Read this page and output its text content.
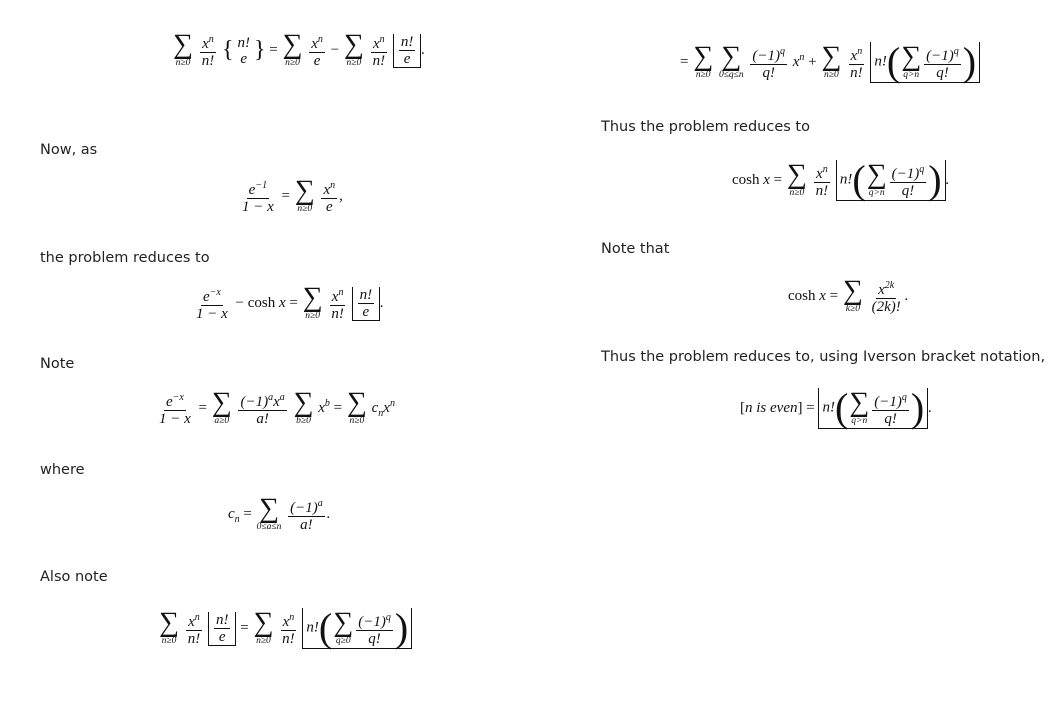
∑
n≥0
$\frac{x^n}{n!}$ { n!
e } = ∑
n≥0
$\frac{x^n}{e}$ − ∑
n≥0
$\frac{x^n}{n!}$
$\frac{n!}{e}$ .
Now, as
$\frac{e^{-1}}{1 - x}$ = ∑
n≥0
$\frac{x^n}{e}$ ,
the problem reduces to
$\frac{e^{-x}}{1 - x} - \cosh x$ = ∑
n≥0
$\frac{x^n}{n!}$
$\frac{n!}{e}$ .
Note
$\frac{e^{-x}}{1 - x}$ = ∑
a≥0
$\frac{(-1)^ax^a}{a!}$
∑
b≥0
$x^b$ = ∑
n≥0
$c_nx^n$
where
$c_n$ = ∑
0≤a≤n
$\frac{(-1)^a}{a!}$ .
Also note
∑
n≥0
$\frac{x^n}{n!}$
$\frac{n!}{e}$ = ∑
n≥0
$\frac{x^n}{n!} n$!( ∑
$q\ge 0 \frac{(-1)^q}{q!}$ )
= ∑
n≥0

∑
0≤q≤n
$\frac{(-1)^q}{q!} x^n$ + ∑
n≥0
$\frac{x^n}{n!} n$!( ∑
$q>n \frac{(-1)^q}{q!}$ )
Thus the problem reduces to
cosh x = ∑
n≥0
$\frac{x^n}{n!} n$!( ∑
$q>n \frac{(-1)^q}{q!}$ ) .
Note that
cosh x = ∑
k≥0
$\frac{x^{2k}}{(2k)!}$ .
Thus the problem reduces to, using Iverson bracket notation,
[n is even] = n!( ∑
$q>n \frac{(-1)^q}{q!}$ ) .
